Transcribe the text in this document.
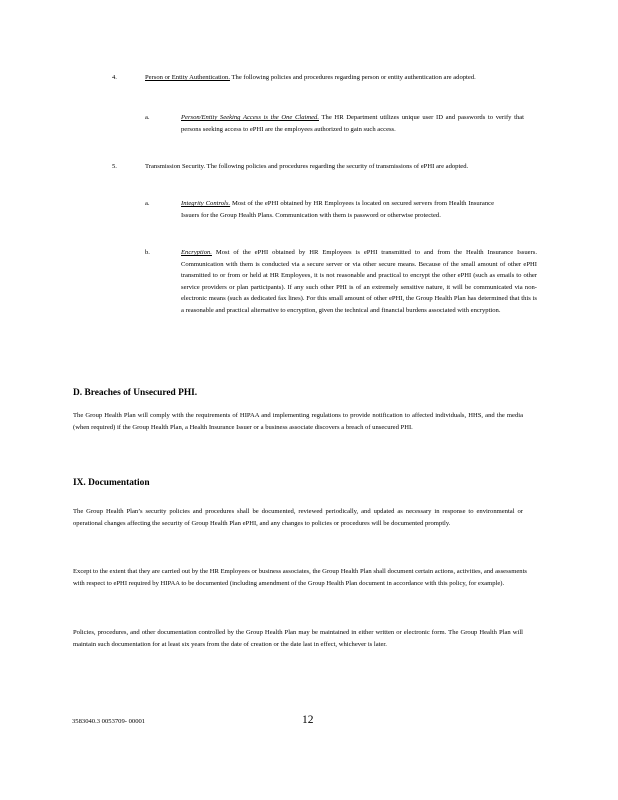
4.	Person or Entity Authentication. The following policies and procedures regarding person or entity authentication are adopted.
a.	Person/Entity Seeking Access is the One Claimed. The HR Department utilizes unique user ID and passwords to verify that persons seeking access to ePHI are the employees authorized to gain such access.
5.	Transmission Security. The following policies and procedures regarding the security of transmissions of ePHI are adopted.
a.	Integrity Controls. Most of the ePHI obtained by HR Employees is located on secured servers from Health Insurance Issuers for the Group Health Plans. Communication with them is password or otherwise protected.
b.	Encryption. Most of the ePHI obtained by HR Employees is ePHI transmitted to and from the Health Insurance Issuers. Communication with them is conducted via a secure server or via other secure means. Because of the small amount of other ePHI transmitted to or from or held at HR Employees, it is not reasonable and practical to encrypt the other ePHI (such as emails to other service providers or plan participants). If any such other PHI is of an extremely sensitive nature, it will be communicated via non-electronic means (such as dedicated fax lines). For this small amount of other ePHI, the Group Health Plan has determined that this is a reasonable and practical alternative to encryption, given the technical and financial burdens associated with encryption.
D. Breaches of Unsecured PHI.
The Group Health Plan will comply with the requirements of HIPAA and implementing regulations to provide notification to affected individuals, HHS, and the media (when required) if the Group Health Plan, a Health Insurance Issuer or a business associate discovers a breach of unsecured PHI.
IX. Documentation
The Group Health Plan’s security policies and procedures shall be documented, reviewed periodically, and updated as necessary in response to environmental or operational changes affecting the security of Group Health Plan ePHI, and any changes to policies or procedures will be documented promptly.
Except to the extent that they are carried out by the HR Employees or business associates, the Group Health Plan shall document certain actions, activities, and assessments with respect to ePHI required by HIPAA to be documented (including amendment of the Group Health Plan document in accordance with this policy, for example).
Policies, procedures, and other documentation controlled by the Group Health Plan may be maintained in either written or electronic form. The Group Health Plan will maintain such documentation for at least six years from the date of creation or the date last in effect, whichever is later.
3583040.3 0053709- 00001	12
